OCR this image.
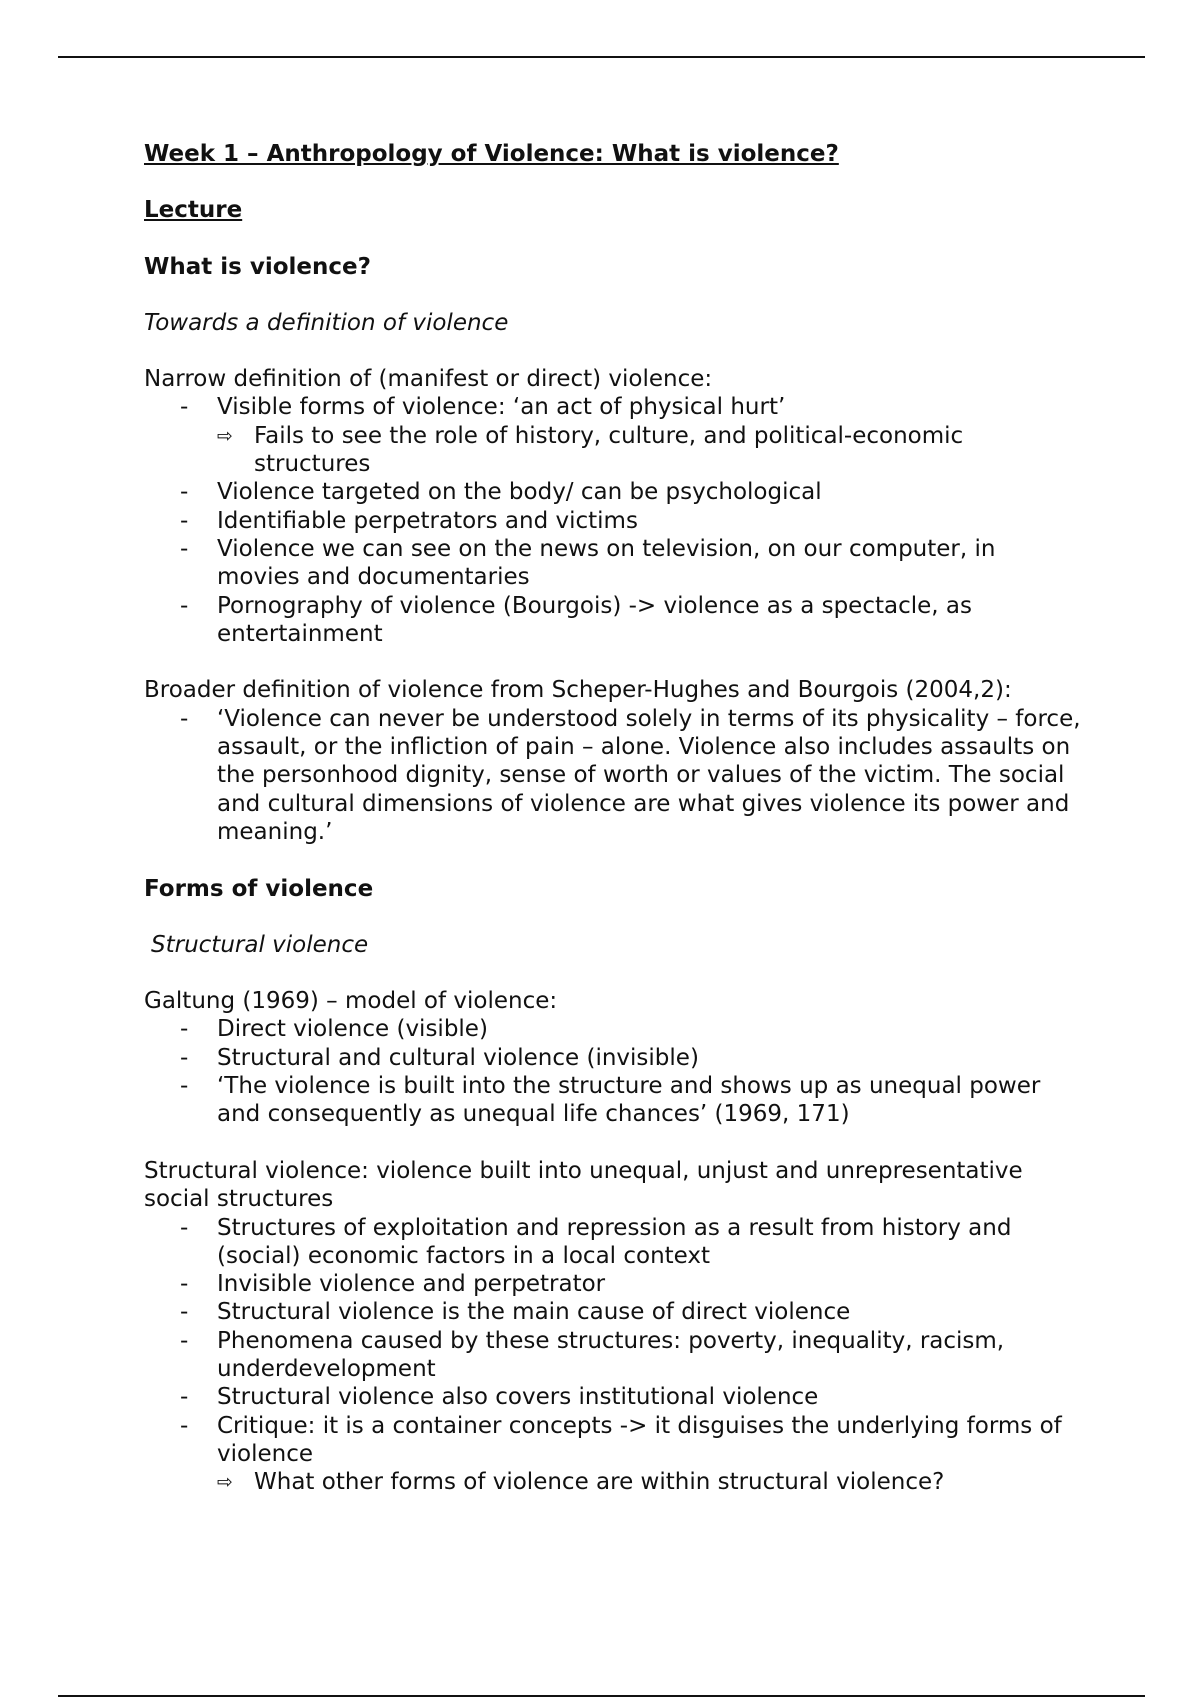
Week 1 – Anthropology of Violence: What is violence?
Lecture
What is violence?
Towards a definition of violence

Narrow definition of (manifest or direct) violence:

- Visible forms of violence: ‘an act of physical hurt’
⇨ Fails to see the role of history, culture, and political-economic structures
- Violence targeted on the body/ can be psychological
- Identifiable perpetrators and victims
- Violence we can see on the news on television, on our computer, in movies and documentaries
- Pornography of violence (Bourgois) -> violence as a spectacle, as entertainment

Broader definition of violence from Scheper-Hughes and Bourgois (2004,2):

- ‘Violence can never be understood solely in terms of its physicality – force, assault, or the infliction of pain – alone. Violence also includes assaults on the personhood dignity, sense of worth or values of the victim. The social and cultural dimensions of violence are what gives violence its power and meaning.’
Forms of violence
Structural violence

Galtung (1969) – model of violence:

- Direct violence (visible)
- Structural and cultural violence (invisible)
- ‘The violence is built into the structure and shows up as unequal power and consequently as unequal life chances’ (1969, 171)

Structural violence: violence built into unequal, unjust and unrepresentative social structures

- Structures of exploitation and repression as a result from history and (social) economic factors in a local context
- Invisible violence and perpetrator
- Structural violence is the main cause of direct violence
- Phenomena caused by these structures: poverty, inequality, racism, underdevelopment
- Structural violence also covers institutional violence
- Critique: it is a container concepts -> it disguises the underlying forms of violence
⇨ What other forms of violence are within structural violence?
